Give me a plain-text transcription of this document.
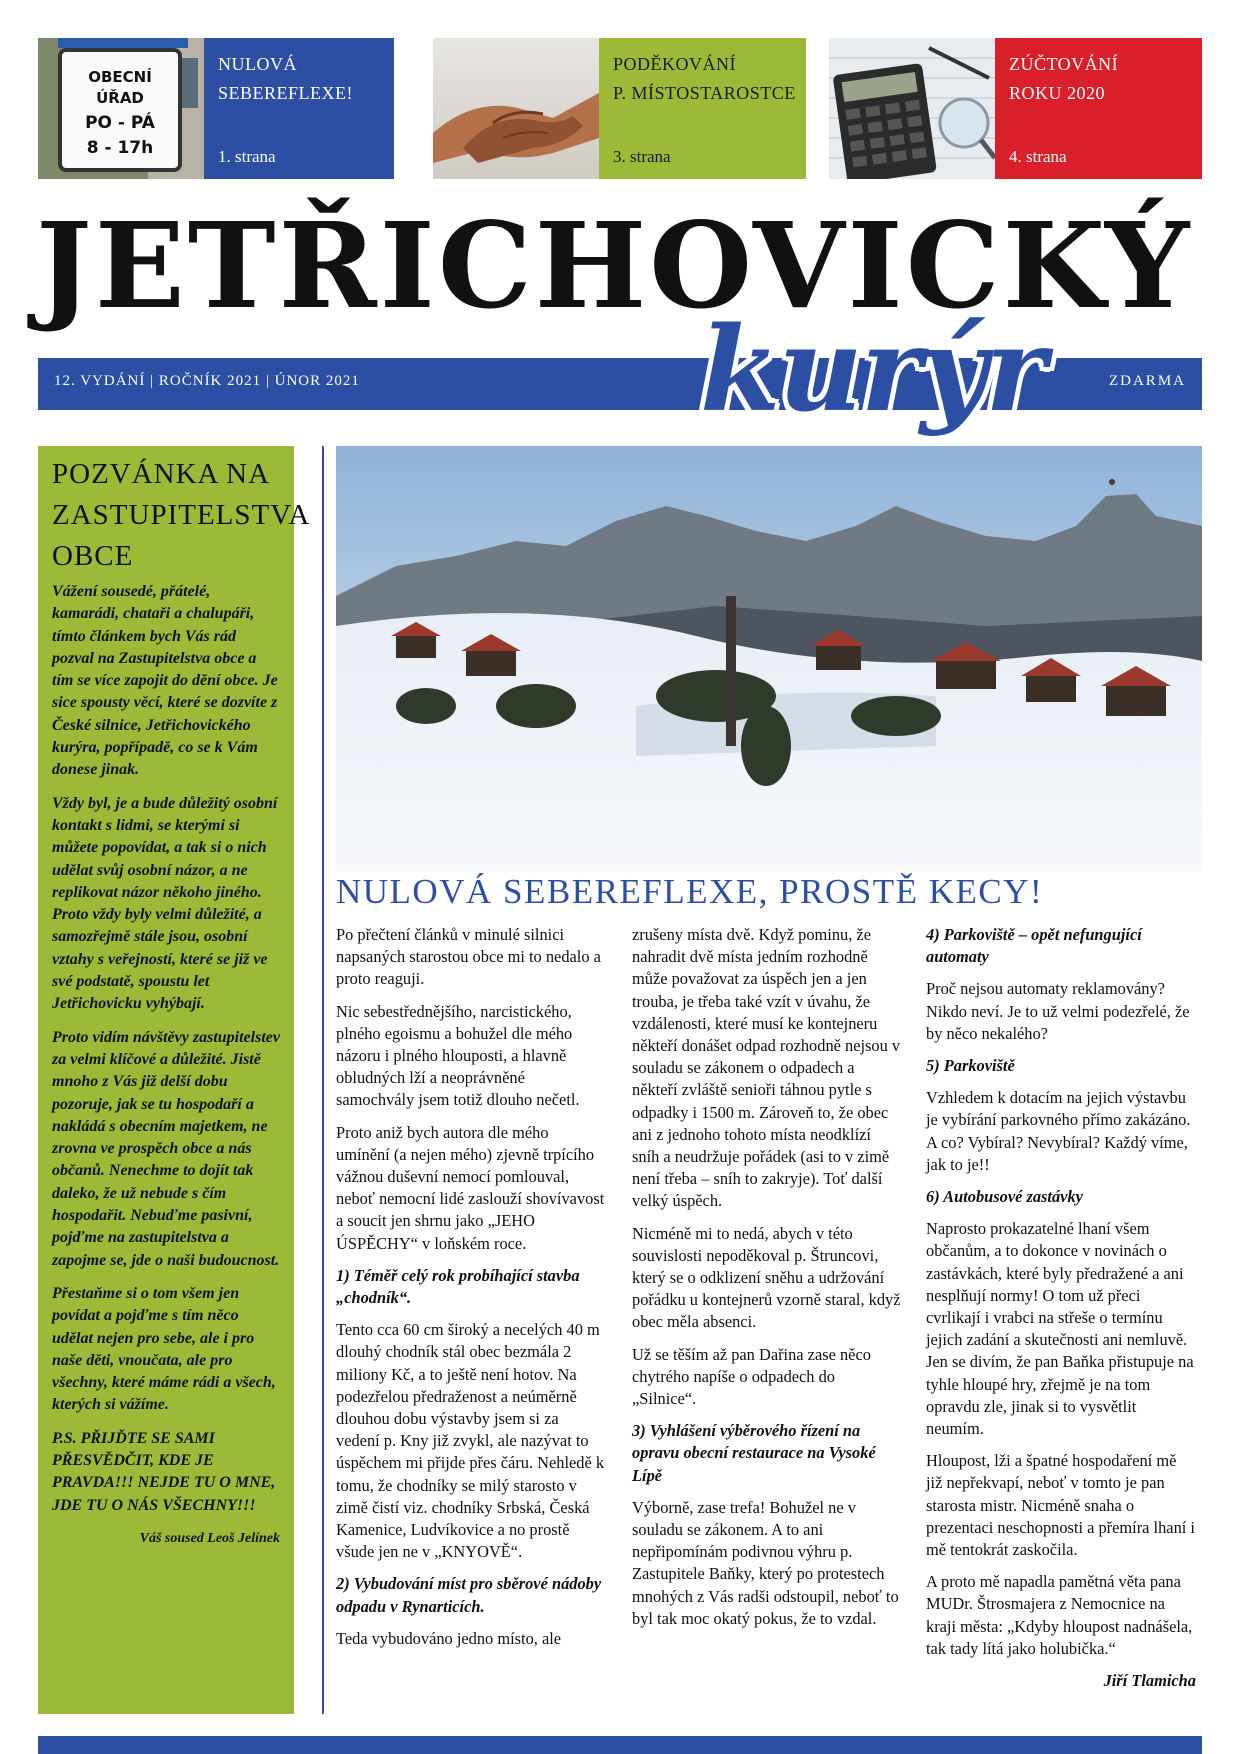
OBECNÍ
ÚŘAD
PO - PÁ
8 - 17h
NULOVÁ
SEBEREFLEXE!
1. strana
PODĚKOVÁNÍ
P. MÍSTOSTAROSTCE
3. strana
ZÚČTOVÁNÍ
ROKU 2020
4. strana
JETŘICHOVICKÝ
12. VYDÁNÍ | ROČNÍK 2021 | ÚNOR 2021	ZDARMA
kurýr
POZVÁNKA NA ZASTUPITELSTVA OBCE

Vážení sousedé, přátelé, kamarádi, chataři a chalupáři, tímto článkem bych Vás rád pozval na Zastupitelstva obce a tím se více zapojit do dění obce. Je sice spousty věcí, které se dozvíte z České silnice, Jetřichovického kurýra, popřípadě, co se k Vám donese jinak.

Vždy byl, je a bude důležitý osobní kontakt s lidmi, se kterými si můžete popovídat, a tak si o nich udělat svůj osobní názor, a ne replikovat názor někoho jiného. Proto vždy byly velmi důležité, a samozřejmě stále jsou, osobní vztahy s veřejností, které se již ve své podstatě, spoustu let Jetřichovicku vyhýbají.

Proto vidím návštěvy zastupitelstev za velmi klíčové a důležité. Jistě mnoho z Vás již delší dobu pozoruje, jak se tu hospodaří a nakládá s obecním majetkem, ne zrovna ve prospěch obce a nás občanů. Nenechme to dojít tak daleko, že už nebude s čím hospodařit. Nebuďme pasivní, pojďme na zastupitelstva a zapojme se, jde o naši budoucnost.

Přestaňme si o tom všem jen povídat a pojďme s tím něco udělat nejen pro sebe, ale i pro naše děti, vnoučata, ale pro všechny, které máme rádi a všech, kterých si vážíme.

P.S. PŘIJĎTE SE SAMI PŘESVĚDČIT, KDE JE PRAVDA!!! NEJDE TU O MNE, JDE TU O NÁS VŠECHNY!!!

Váš soused Leoš Jelínek
NULOVÁ SEBEREFLEXE, PROSTĚ KECY!

Po přečtení článků v minulé silnici napsaných starostou obce mi to nedalo a proto reaguji.

Nic sebestřednějšího, narcistického, plného egoismu a bohužel dle mého názoru i plného hlouposti, a hlavně obludných lží a neoprávněné samochvály jsem totiž dlouho nečetl.

Proto aniž bych autora dle mého umínění (a nejen mého) zjevně trpícího vážnou duševní nemocí pomlouval, neboť nemocní lidé zaslouží shovívavost a soucit jen shrnu jako „JEHO ÚSPĚCHY“ v loňském roce.

1) Téměř celý rok probíhající stavba „chodník“.

Tento cca 60 cm široký a necelých 40 m dlouhý chodník stál obec bezmála 2 miliony Kč, a to ještě není hotov. Na podezřelou předraženost a neúměrně dlouhou dobu výstavby jsem si za vedení p. Kny již zvykl, ale nazývat to úspěchem mi přijde přes čáru. Nehledě k tomu, že chodníky se milý starosto v zimě čistí viz. chodníky Srbská, Česká Kamenice, Ludvíkovice a no prostě všude jen ne v „KNYOVĚ“.

2) Vybudování míst pro sběrové nádoby odpadu v Rynarticích.

Teda vybudováno jedno místo, ale

zrušeny místa dvě. Když pominu, že nahradit dvě místa jedním rozhodně může považovat za úspěch jen a jen trouba, je třeba také vzít v úvahu, že vzdálenosti, které musí ke kontejneru někteří donášet odpad rozhodně nejsou v souladu se zákonem o odpadech a někteří zvláště senioři táhnou pytle s odpadky i 1500 m. Zároveň to, že obec ani z jednoho tohoto místa neodklízí sníh a neudržuje pořádek (asi to v zimě není třeba – sníh to zakryje). Toť další velký úspěch.

Nicméně mi to nedá, abych v této souvislosti nepoděkoval p. Štruncovi, který se o odklizení sněhu a udržování pořádku u kontejnerů vzorně staral, když obec měla absenci.

Už se těším až pan Dařina zase něco chytrého napíše o odpadech do „Silnice“.

3) Vyhlášení výběrového řízení na opravu obecní restaurace na Vysoké Lípě

Výborně, zase trefa! Bohužel ne v souladu se zákonem. A to ani nepřipomínám podivnou výhru p. Zastupitele Baňky, který po protestech mnohých z Vás radši odstoupil, neboť to byl tak moc okatý pokus, že to vzdal.

4) Parkoviště – opět nefungující automaty

Proč nejsou automaty reklamovány? Nikdo neví. Je to už velmi podezřelé, že by něco nekalého?

5) Parkoviště

Vzhledem k dotacím na jejich výstavbu je vybírání parkovného přímo zakázáno. A co? Vybíral? Nevybíral? Každý víme, jak to je!!

6) Autobusové zastávky

Naprosto prokazatelné lhaní všem občanům, a to dokonce v novinách o zastávkách, které byly předražené a ani nesplňují normy! O tom už přeci cvrlikají i vrabci na střeše o termínu jejich zadání a skutečnosti ani nemluvě. Jen se divím, že pan Baňka přistupuje na tyhle hloupé hry, zřejmě je na tom opravdu zle, jinak si to vysvětlit neumím.

Hloupost, lži a špatné hospodaření mě již nepřekvapí, neboť v tomto je pan starosta mistr. Nicméně snaha o prezentaci neschopnosti a přemíra lhaní i mě tentokrát zaskočila.

A proto mě napadla pamětná věta pana MUDr. Štrosmajera z Nemocnice na kraji města: „Kdyby hloupost nadnášela, tak tady lítá jako holubička.“

Jiří Tlamicha
